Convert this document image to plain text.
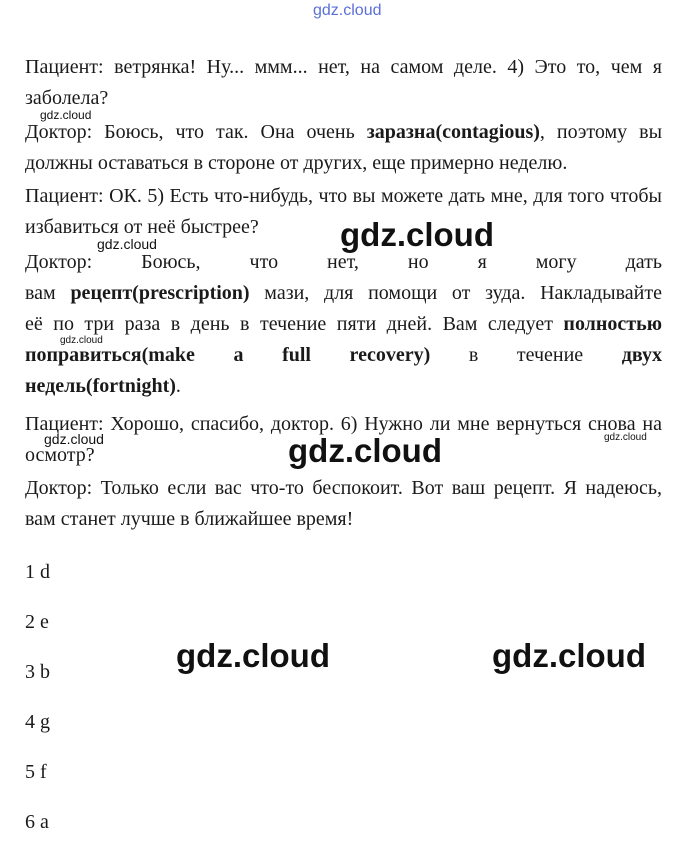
gdz.cloud
gdz.cloud
gdz.cloud
gdz.cloud
gdz.cloud
gdz.cloud	gdz.cloud
gdz.cloud
gdz.cloud	gdz.cloud

Пациент: ветрянка! Ну... ммм... нет, на самом деле. 4) Это то, чем я заболела?

Доктор: Боюсь, что так. Она очень заразна(contagious), поэтому вы должны оставаться в стороне от других, еще примерно неделю.

Пациент: ОК. 5) Есть что-нибудь, что вы можете дать мне, для того чтобы избавиться от неё быстрее?

Доктор: Боюсь, что нет, но я могу дать
вам рецепт(prescription) мази, для помощи от зуда. Накладывайте
её по три раза в день в течение пяти дней. Вам следует полностью
поправиться(make a full recovery) в течение двух
недель(fortnight).

Пациент: Хорошо, спасибо, доктор. 6) Нужно ли мне вернуться снова на осмотр?

Доктор: Только если вас что-то беспокоит. Вот ваш рецепт. Я надеюсь, вам станет лучше в ближайшее время!

1 d
2 e
3 b
4 g
5 f
6 a
